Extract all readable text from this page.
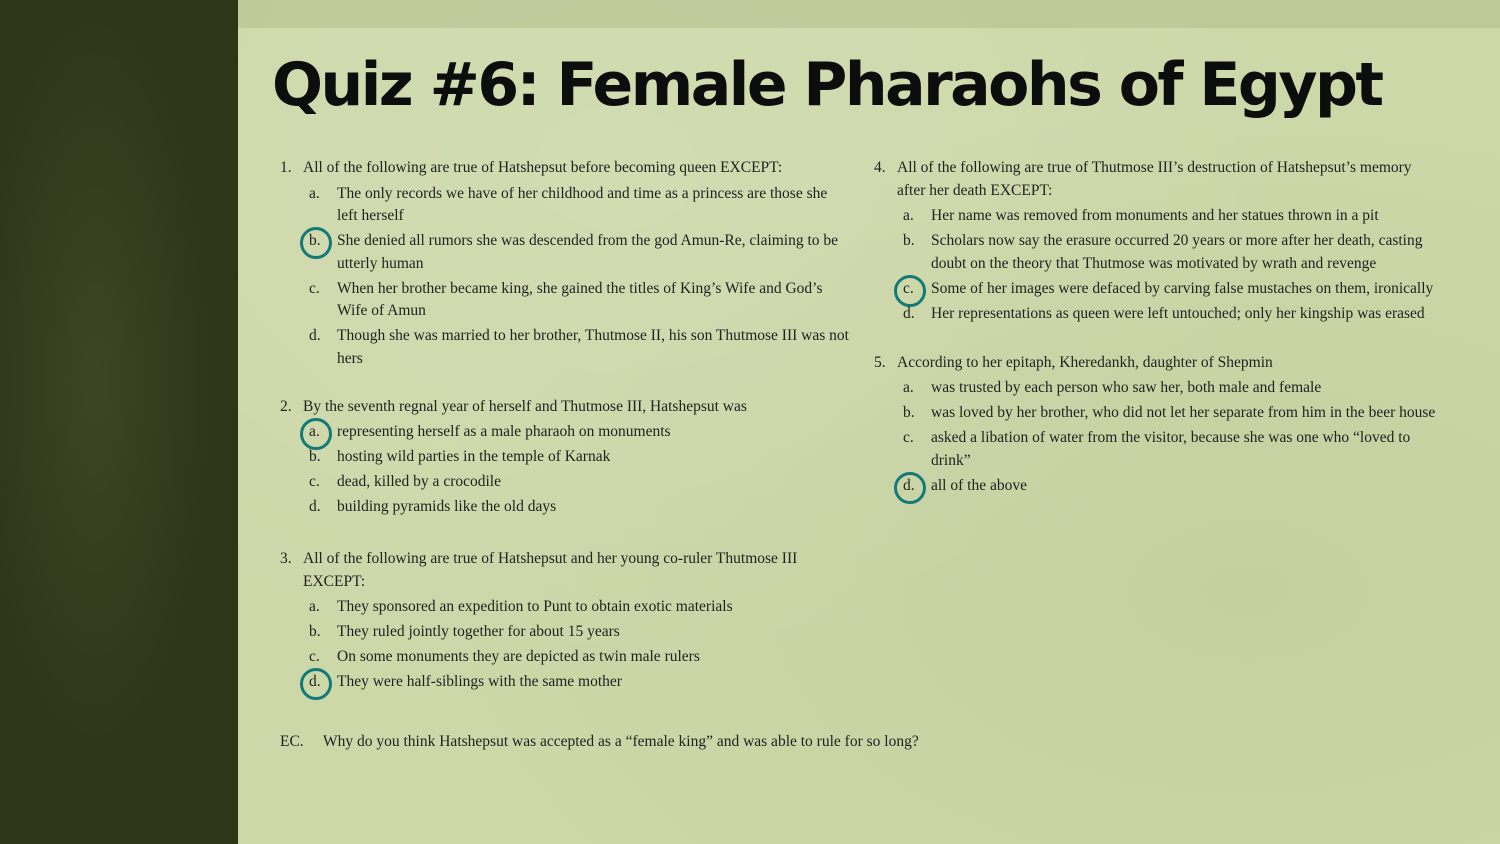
Quiz #6: Female Pharaohs of Egypt
1. All of the following are true of Hatshepsut before becoming queen EXCEPT:
a. The only records we have of her childhood and time as a princess are those she left herself
b. She denied all rumors she was descended from the god Amun-Re, claiming to be utterly human
c. When her brother became king, she gained the titles of King’s Wife and God’s Wife of Amun
d. Though she was married to her brother, Thutmose II, his son Thutmose III was not hers
2. By the seventh regnal year of herself and Thutmose III, Hatshepsut was
a. representing herself as a male pharaoh on monuments
b. hosting wild parties in the temple of Karnak
c. dead, killed by a crocodile
d. building pyramids like the old days
3. All of the following are true of Hatshepsut and her young co-ruler Thutmose III EXCEPT:
a. They sponsored an expedition to Punt to obtain exotic materials
b. They ruled jointly together for about 15 years
c. On some monuments they are depicted as twin male rulers
d. They were half-siblings with the same mother
4. All of the following are true of Thutmose III’s destruction of Hatshepsut’s memory after her death EXCEPT:
a. Her name was removed from monuments and her statues thrown in a pit
b. Scholars now say the erasure occurred 20 years or more after her death, casting doubt on the theory that Thutmose was motivated by wrath and revenge
c. Some of her images were defaced by carving false mustaches on them, ironically
d. Her representations as queen were left untouched; only her kingship was erased
5. According to her epitaph, Kheredankh, daughter of Shepmin
a. was trusted by each person who saw her, both male and female
b. was loved by her brother, who did not let her separate from him in the beer house
c. asked a libation of water from the visitor, because she was one who “loved to drink”
d. all of the above
EC. Why do you think Hatshepsut was accepted as a “female king” and was able to rule for so long?
